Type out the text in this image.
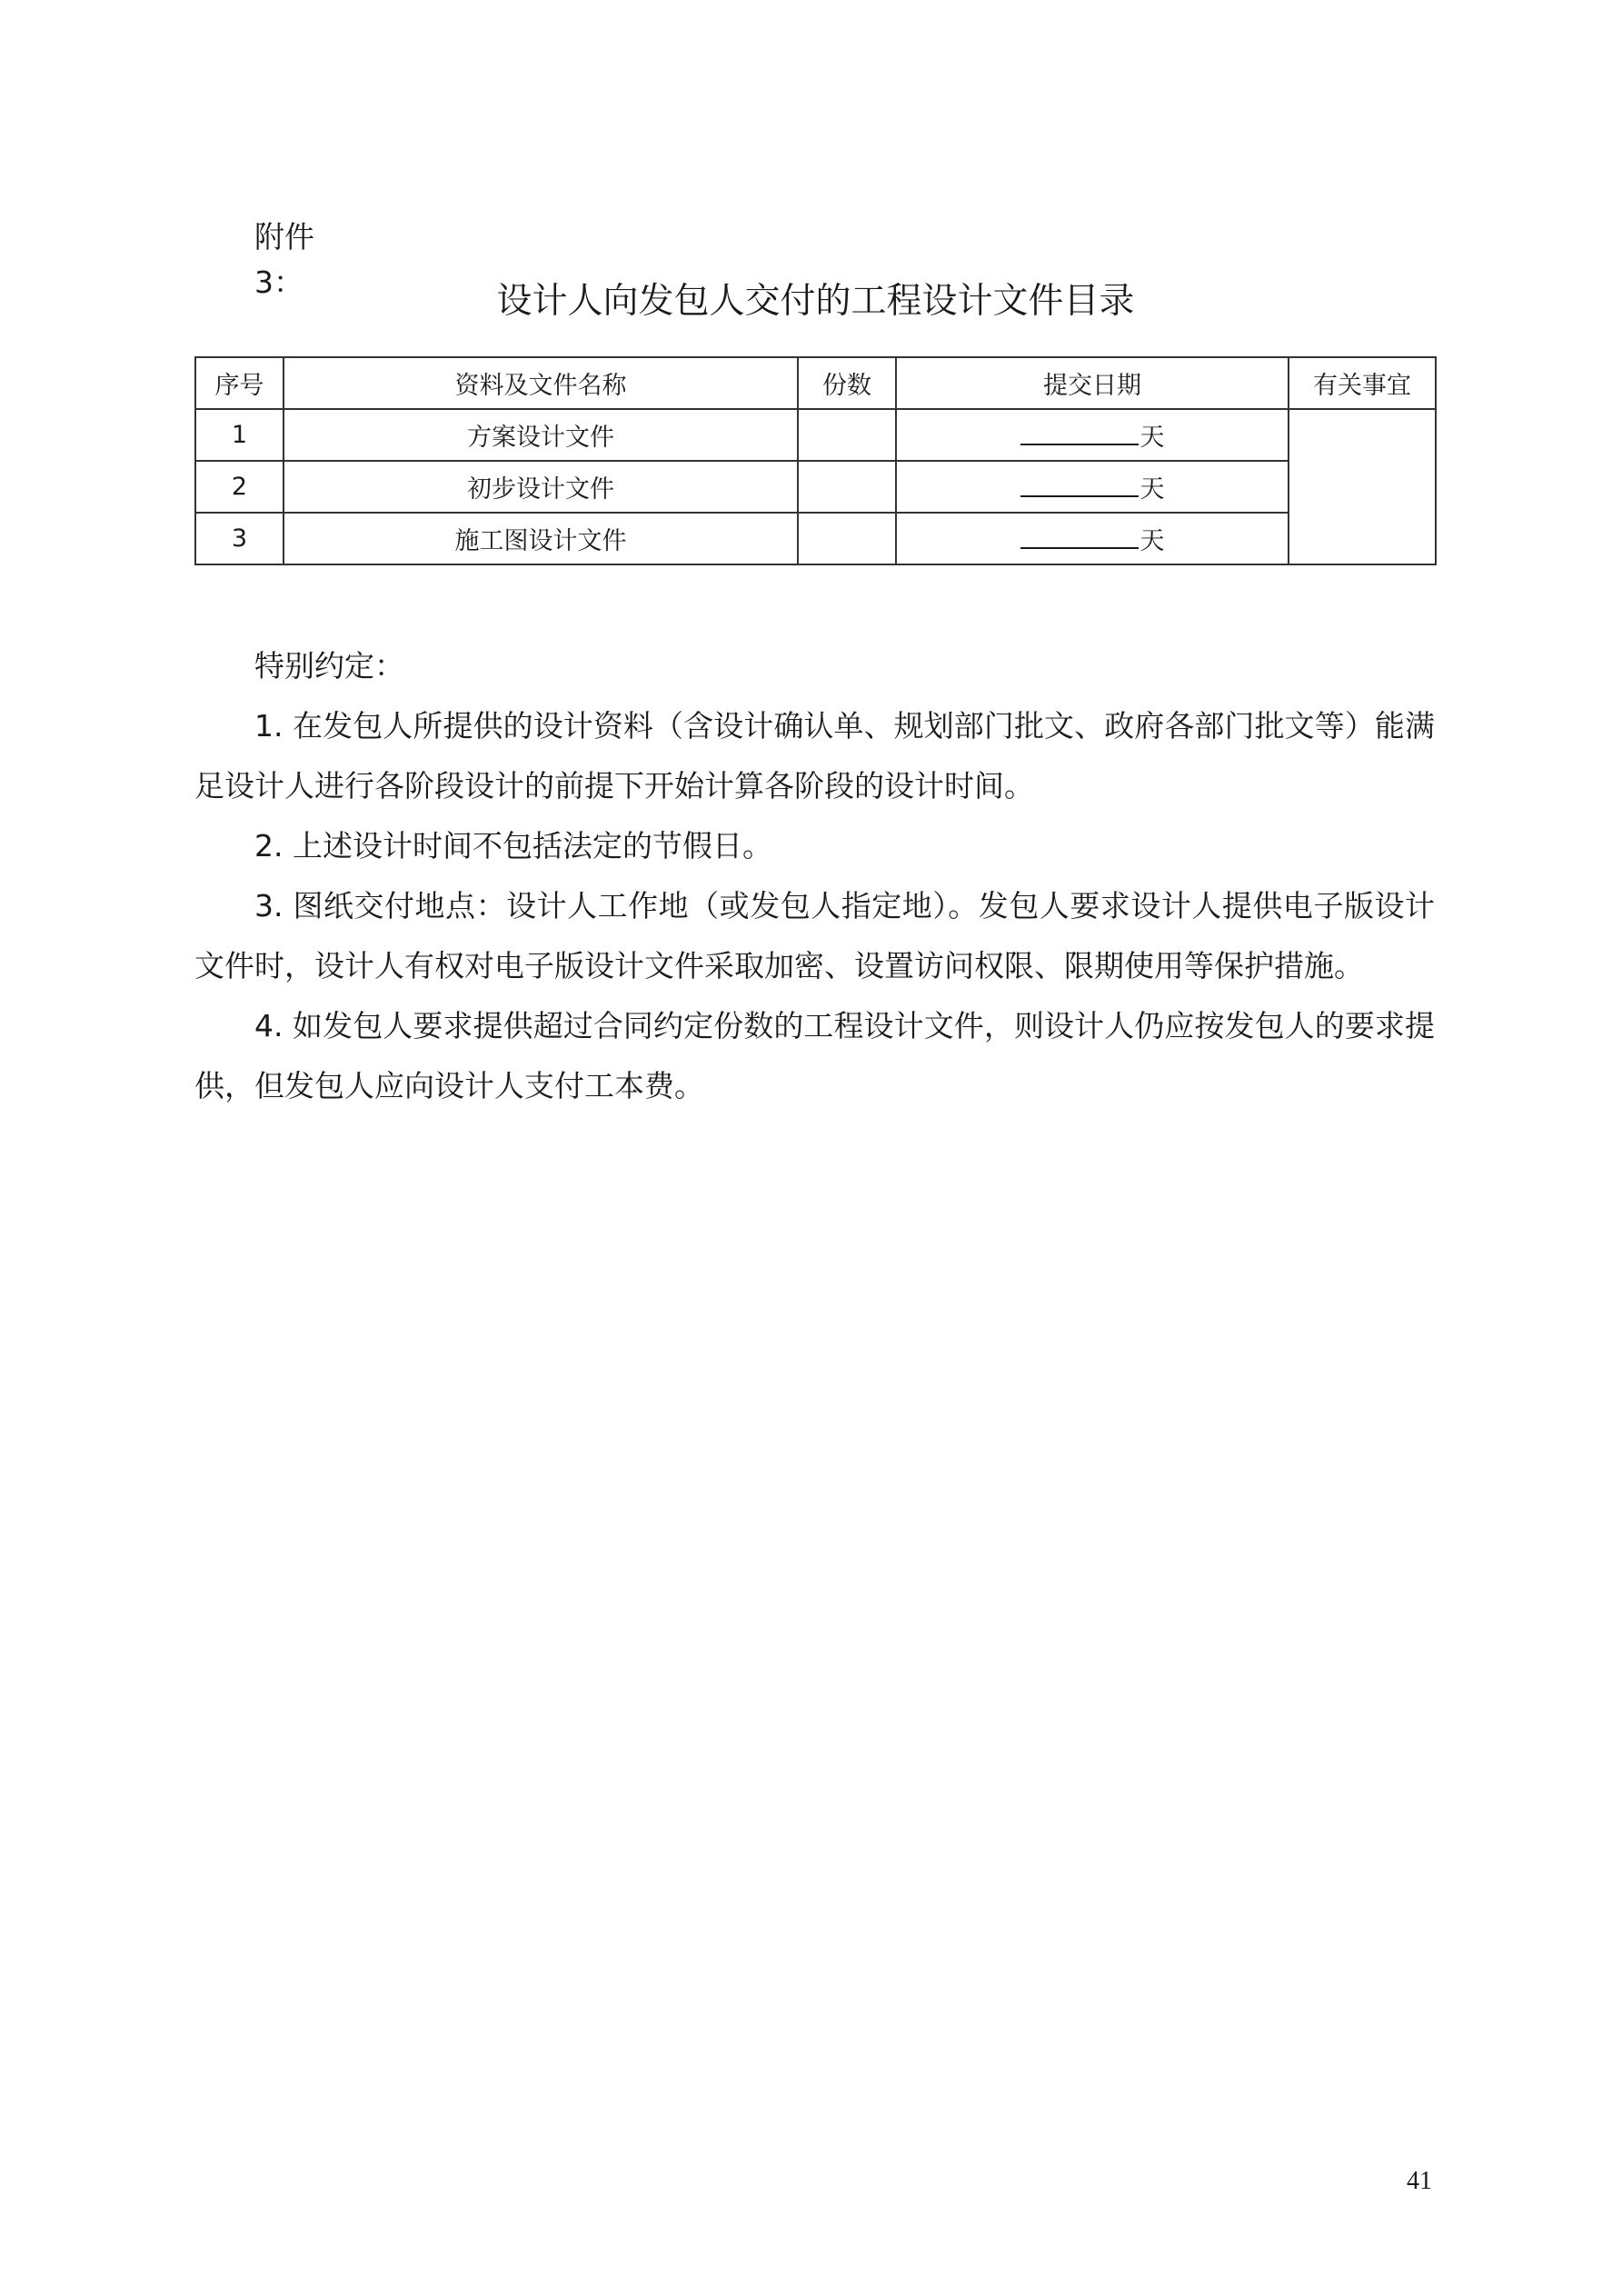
附件
3：	设计人向发包人交付的工程设计文件目录
序号	资料及文件名称	份数	提交日期	有关事宜
1	方案设计文件		天	
2	初步设计文件		天	
3	施工图设计文件		天	
特别约定：

1. 在发包人所提供的设计资料（含设计确认单、规划部门批文、政府各部门批文等）能满足设计人进行各阶段设计的前提下开始计算各阶段的设计时间。

2. 上述设计时间不包括法定的节假日。

3. 图纸交付地点：设计人工作地（或发包人指定地）。发包人要求设计人提供电子版设计文件时，设计人有权对电子版设计文件采取加密、设置访问权限、限期使用等保护措施。

4. 如发包人要求提供超过合同约定份数的工程设计文件，则设计人仍应按发包人的要求提供，但发包人应向设计人支付工本费。

41
